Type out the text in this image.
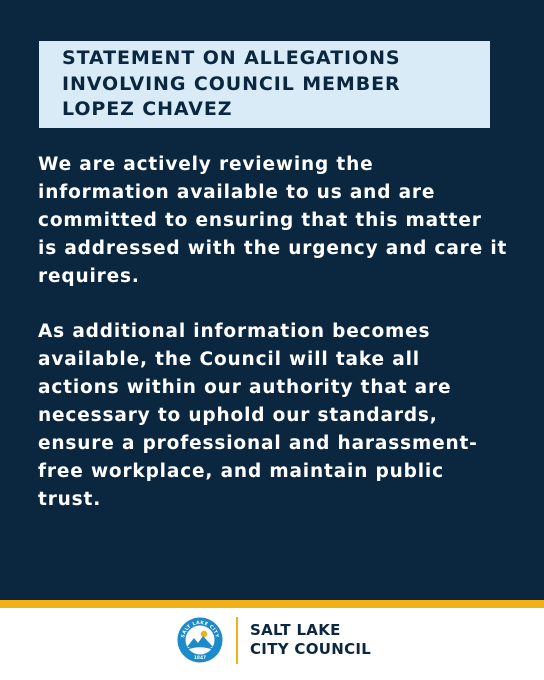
STATEMENT ON ALLEGATIONS
INVOLVING COUNCIL MEMBER
LOPEZ CHAVEZ
We are actively reviewing the
information available to us and are
committed to ensuring that this matter
is addressed with the urgency and care it
requires.
As additional information becomes
available, the Council will take all
actions within our authority that are
necessary to uphold our standards,
ensure a professional and harassment-
free workplace, and maintain public
trust.
SALT LAKE CITY
1847
SALT LAKE
CITY COUNCIL
